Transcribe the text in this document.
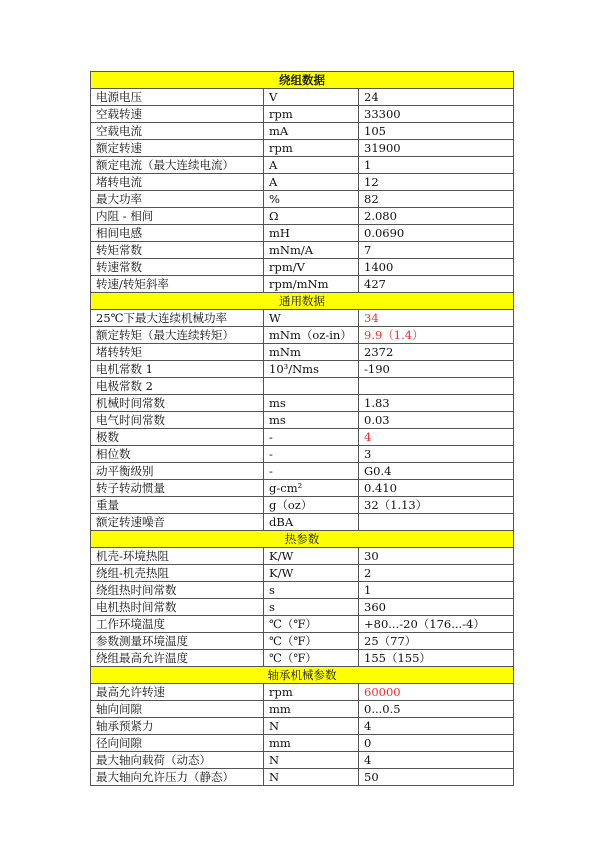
绕组数据		
电源电压	V	24
空载转速	rpm	33300
空载电流	mA	105
额定转速	rpm	31900
额定电流（最大连续电流）	A	1
堵转电流	A	12
最大功率	%	82
内阻 - 相间	Ω	2.080
相间电感	mH	0.0690
转矩常数	mNm/A	7
转速常数	rpm/V	1400
转速/转矩斜率	rpm/mNm	427
通用数据		
25℃下最大连续机械功率	W	34
额定转矩（最大连续转矩）	mNm（oz-in）	9.9（1.4）
堵转转矩	mNm	2372
电机常数 1	10³/Nms	-190
电极常数 2		
机械时间常数	ms	1.83
电气时间常数	ms	0.03
极数	-	4
相位数	-	3
动平衡级别	-	G0.4
转子转动惯量	g-cm²	0.410
重量	g（oz）	32（1.13）
额定转速噪音	dBA	
热参数		
机壳-环境热阻	K/W	30
绕组-机壳热阻	K/W	2
绕组热时间常数	s	1
电机热时间常数	s	360
工作环境温度	℃（℉）	+80...-20（176...-4）
参数测量环境温度	℃（℉）	25（77）
绕组最高允许温度	℃（℉）	155（155）
轴承机械参数		
最高允许转速	rpm	60000
轴向间隙	mm	0...0.5
轴承预紧力	N	4
径向间隙	mm	0
最大轴向载荷（动态）	N	4
最大轴向允许压力（静态）	N	50
